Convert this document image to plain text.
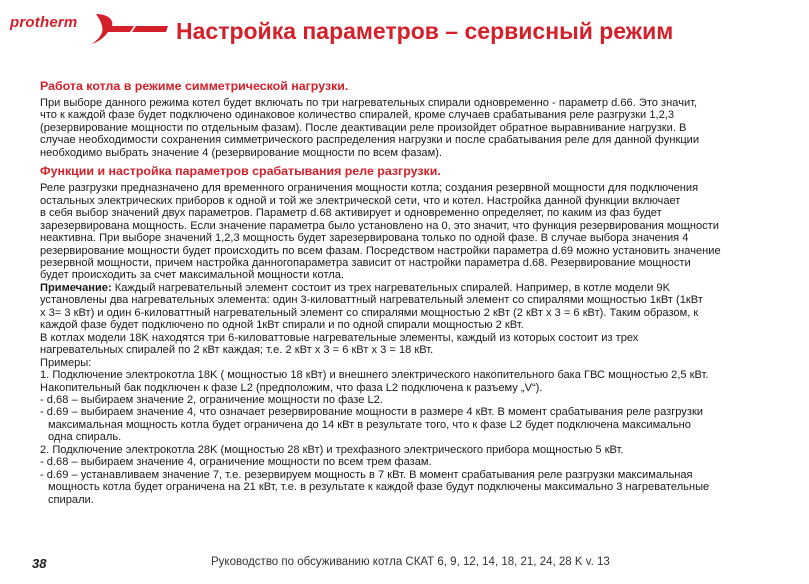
protherm	Настройка параметров – сервисный режим
Работа котла в режиме симметрической нагрузки.
При выборе данного режима котел будет включать по три нагревательных спирали одновременно - параметр d.66. Это значит,
что к каждой фазе будет подключено одинаковое количество спиралей, кроме случаев срабатывания реле разгрузки 1,2,3
(резервирование мощности по отдельным фазам). После деактивации реле произойдет обратное выравнивание нагрузки. В
случае необходимости сохранения симметрического распределения нагрузки и после срабатывания реле для данной функции
необходимо выбрать значение 4 (резервирование мощности по всем фазам).
Функции и настройка параметров срабатывания реле разгрузки.
Реле разгрузки предназначено для временного ограничения мощности котла; создания резервной мощности для подключения
остальных электрических приборов к одной и той же электрической сети, что и котел. Настройка данной функции включает
в себя выбор значений двух параметров. Параметр d.68 активирует и одновременно определяет, по каким из фаз будет
зарезервирована мощность. Если значение параметра было установлено на 0, это значит, что функция резервирования мощности
неактивна. При выборе значений 1,2,3 мощность будет зарезервирована только по одной фазе. В случае выбора значения 4
резервирование мощности будет происходить по всем фазам. Посредством настройки параметра d.69 можно установить значение
резервной мощности, причем настройка данногопараметра зависит от настройки параметра d.68. Резервирование мощности
будет происходить за счет максимальной мощности котла.
Примечание: Каждый нагревательный элемент состоит из трех нагревательных спиралей. Например, в котле модели 9K
установлены два нагревательных элемента: один 3-киловаттный нагревательный элемент со спиралями мощностью 1кВт (1кВт
x 3= 3 кВт) и один 6-киловаттный нагревательный элемент со спиралями мощностью 2 кВт (2 кВт x 3 = 6 кВт). Таким образом, к
каждой фазе будет подключено по одной 1кВт спирали и по одной спирали мощностью 2 кВт.
В котлах модели 18K находятся три 6-киловаттовые нагревательные элементы, каждый из которых состоит из трех
нагревательных спиралей по 2 кВт каждая; т.е. 2 кВт x 3 = 6 кВт x 3 = 18 кВт.
Примеры:
1. Подключение электрокотла 18K ( мощностью 18 кВт) и внешнего электрического накопительного бака ГВС мощностью 2,5 кВт.
Накопительный бак подключен к фазе L2 (предположим, что фаза L2 подключена к разъему „V“).
- d.68 – выбираем значение 2, ограничение мощности по фазе L2.
- d.69 – выбираем значение 4, что означает резервирование мощности в размере 4 кВт. В момент срабатывания реле разгрузки
максимальная мощность котла будет ограничена до 14 кВт в результате того, что к фазе L2 будет подключена максимально
одна спираль.
2. Подключение электрокотла 28K (мощностью 28 кВт) и трехфазного электрического прибора мощностью 5 кВт.
- d.68 – выбираем значение 4, ограничение мощности по всем трем фазам.
- d.69 – устанавливаем значение 7, т.е. резервируем мощность в 7 кВт. В момент срабатывания реле разгрузки максимальная
мощность котла будет ограничена на 21 кВт, т.е. в результате к каждой фазе будут подключены максимально 3 нагревательные
спирали.
38	Руководство по обсуживанию котла СКАТ 6, 9, 12, 14, 18, 21, 24, 28 K v. 13
